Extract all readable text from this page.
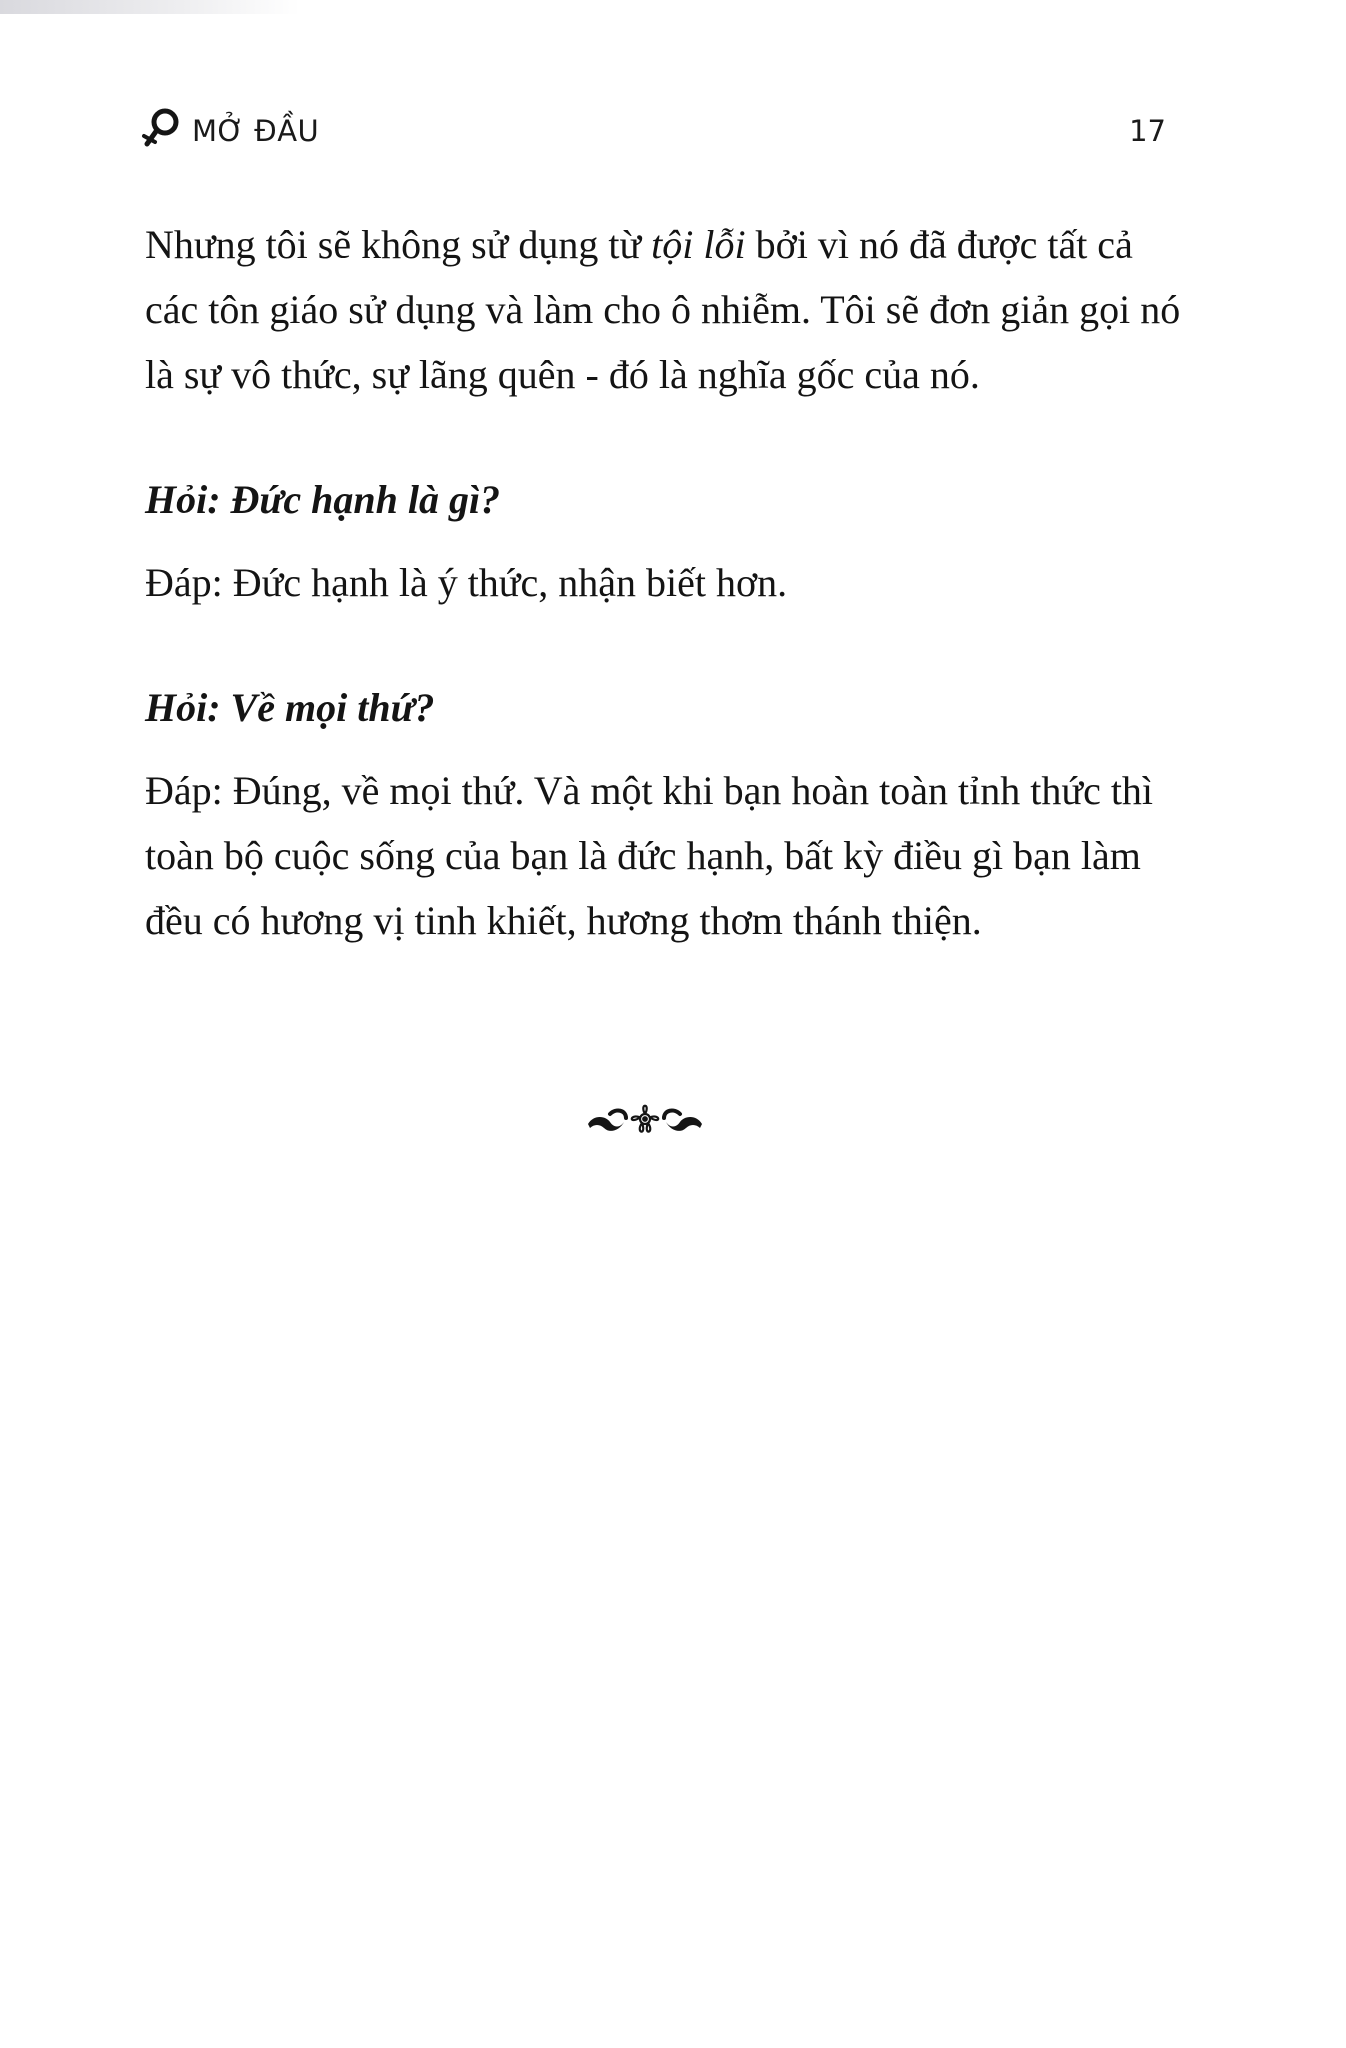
MỞ ĐẦU	17

Nhưng tôi sẽ không sử dụng từ tội lỗi bởi vì nó đã được tất cả các tôn giáo sử dụng và làm cho ô nhiễm. Tôi sẽ đơn giản gọi nó là sự vô thức, sự lãng quên - đó là nghĩa gốc của nó.

Hỏi: Đức hạnh là gì?

Đáp: Đức hạnh là ý thức, nhận biết hơn.

Hỏi: Về mọi thứ?

Đáp: Đúng, về mọi thứ. Và một khi bạn hoàn toàn tỉnh thức thì toàn bộ cuộc sống của bạn là đức hạnh, bất kỳ điều gì bạn làm đều có hương vị tinh khiết, hương thơm thánh thiện.
